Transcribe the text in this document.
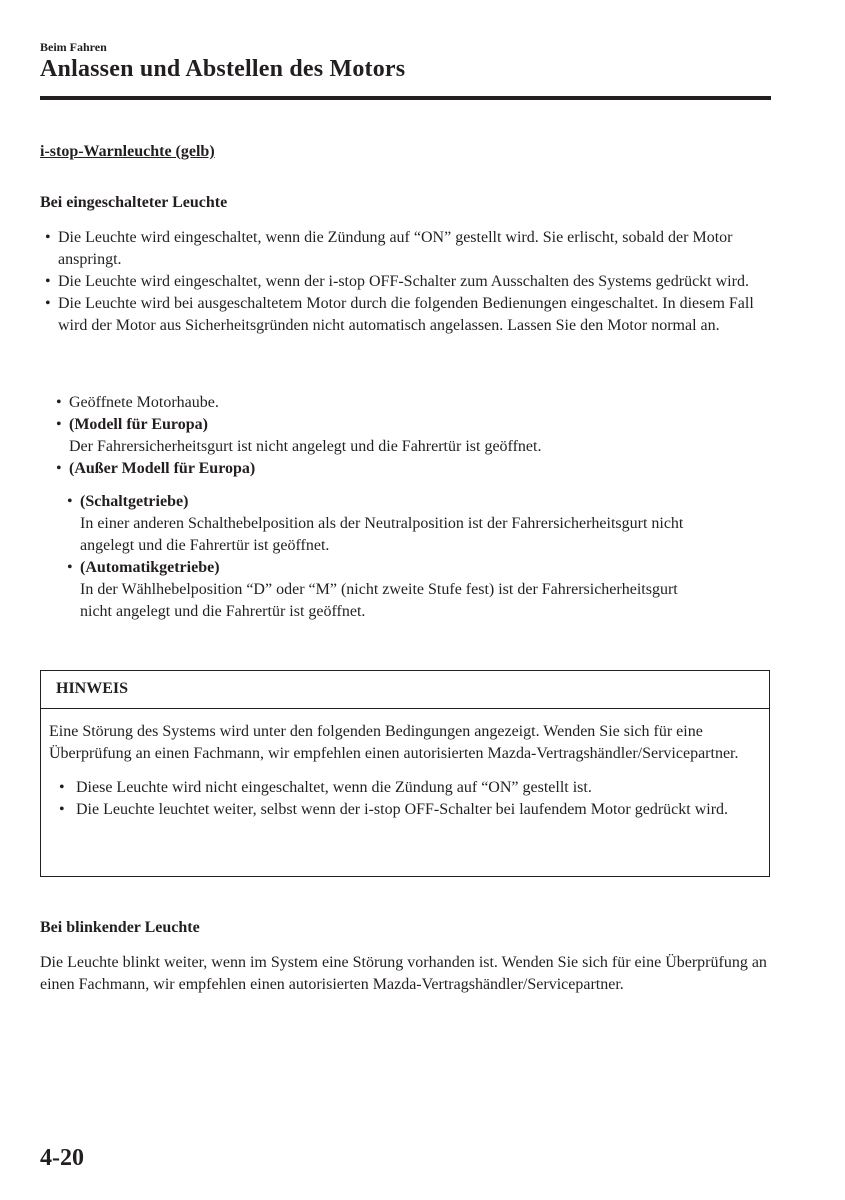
Beim Fahren
Anlassen und Abstellen des Motors
i-stop-Warnleuchte (gelb)
Bei eingeschalteter Leuchte
• Die Leuchte wird eingeschaltet, wenn die Zündung auf “ON” gestellt wird. Sie erlischt, sobald der Motor anspringt.
• Die Leuchte wird eingeschaltet, wenn der i-stop OFF-Schalter zum Ausschalten des Systems gedrückt wird.
• Die Leuchte wird bei ausgeschaltetem Motor durch die folgenden Bedienungen eingeschaltet. In diesem Fall wird der Motor aus Sicherheitsgründen nicht automatisch angelassen. Lassen Sie den Motor normal an.
• Geöffnete Motorhaube.
• (Modell für Europa)
Der Fahrersicherheitsgurt ist nicht angelegt und die Fahrertür ist geöffnet.
• (Außer Modell für Europa)
• (Schaltgetriebe)
In einer anderen Schalthebelposition als der Neutralposition ist der Fahrersicherheitsgurt nicht angelegt und die Fahrertür ist geöffnet.
• (Automatikgetriebe)
In der Wählhebelposition “D” oder “M” (nicht zweite Stufe fest) ist der Fahrersicherheitsgurt nicht angelegt und die Fahrertür ist geöffnet.
HINWEIS
Eine Störung des Systems wird unter den folgenden Bedingungen angezeigt. Wenden Sie sich für eine Überprüfung an einen Fachmann, wir empfehlen einen autorisierten Mazda-Vertragshändler/Servicepartner.
• Diese Leuchte wird nicht eingeschaltet, wenn die Zündung auf “ON” gestellt ist.
• Die Leuchte leuchtet weiter, selbst wenn der i-stop OFF-Schalter bei laufendem Motor gedrückt wird.
Bei blinkender Leuchte
Die Leuchte blinkt weiter, wenn im System eine Störung vorhanden ist. Wenden Sie sich für eine Überprüfung an einen Fachmann, wir empfehlen einen autorisierten Mazda-Vertragshändler/Servicepartner.
4-20
